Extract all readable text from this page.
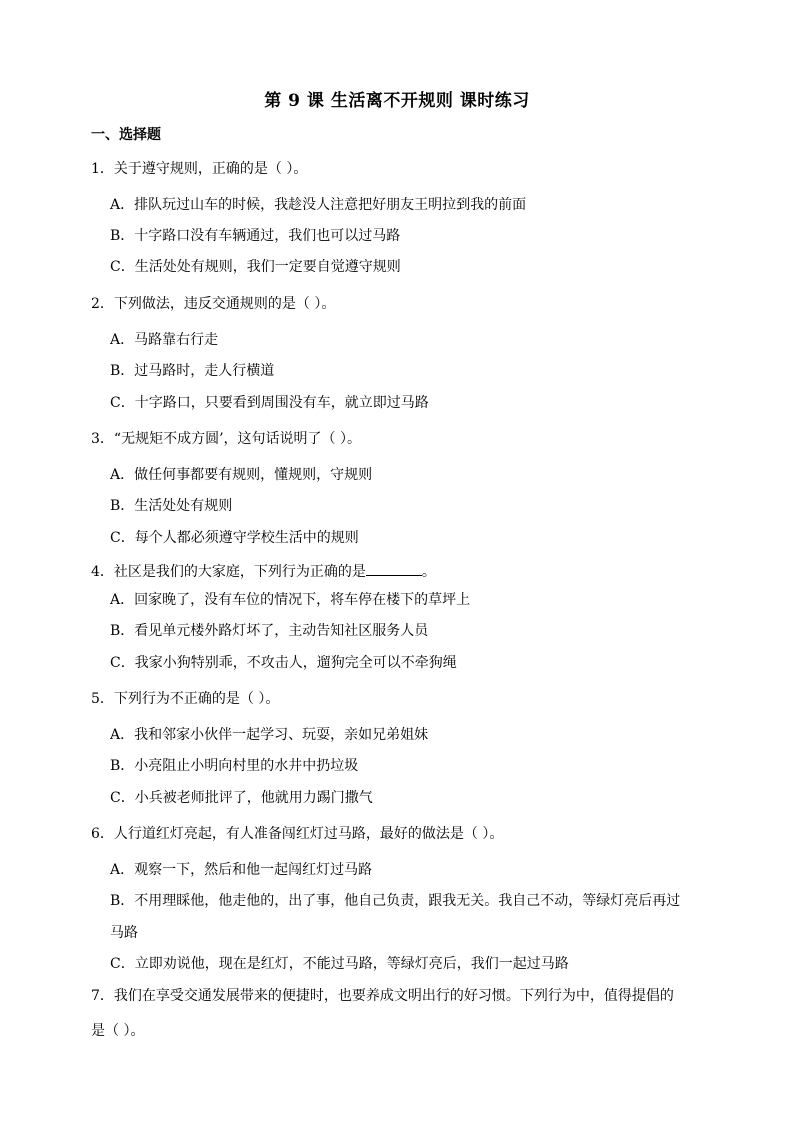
第 9 课 生活离不开规则 课时练习
一、选择题
1．关于遵守规则，正确的是（ ）。
A．排队玩过山车的时候，我趁没人注意把好朋友王明拉到我的前面
B．十字路口没有车辆通过，我们也可以过马路
C．生活处处有规则，我们一定要自觉遵守规则
2．下列做法，违反交通规则的是（ ）。
A．马路靠右行走
B．过马路时，走人行横道
C．十字路口，只要看到周围没有车，就立即过马路
3．“无规矩不成方圆’，这句话说明了（ ）。
A．做任何事都要有规则，懂规则，守规则
B．生活处处有规则
C．每个人都必须遵守学校生活中的规则
4．社区是我们的大家庭，下列行为正确的是	。
A．回家晚了，没有车位的情况下，将车停在楼下的草坪上
B．看见单元楼外路灯坏了，主动告知社区服务人员
C．我家小狗特别乖，不攻击人，遛狗完全可以不牵狗绳
5．下列行为不正确的是（ ）。
A．我和邻家小伙伴一起学习、玩耍，亲如兄弟姐妹
B．小亮阻止小明向村里的水井中扔垃圾
C．小兵被老师批评了，他就用力踢门撒气
6．人行道红灯亮起，有人准备闯红灯过马路，最好的做法是（ ）。
A．观察一下，然后和他一起闯红灯过马路
B．不用理睬他，他走他的，出了事，他自己负责，跟我无关。我自己不动，等绿灯亮后再过
马路
C．立即劝说他，现在是红灯，不能过马路，等绿灯亮后，我们一起过马路
7．我们在享受交通发展带来的便捷时，也要养成文明出行的好习惯。下列行为中，值得提倡的
是（ ）。
